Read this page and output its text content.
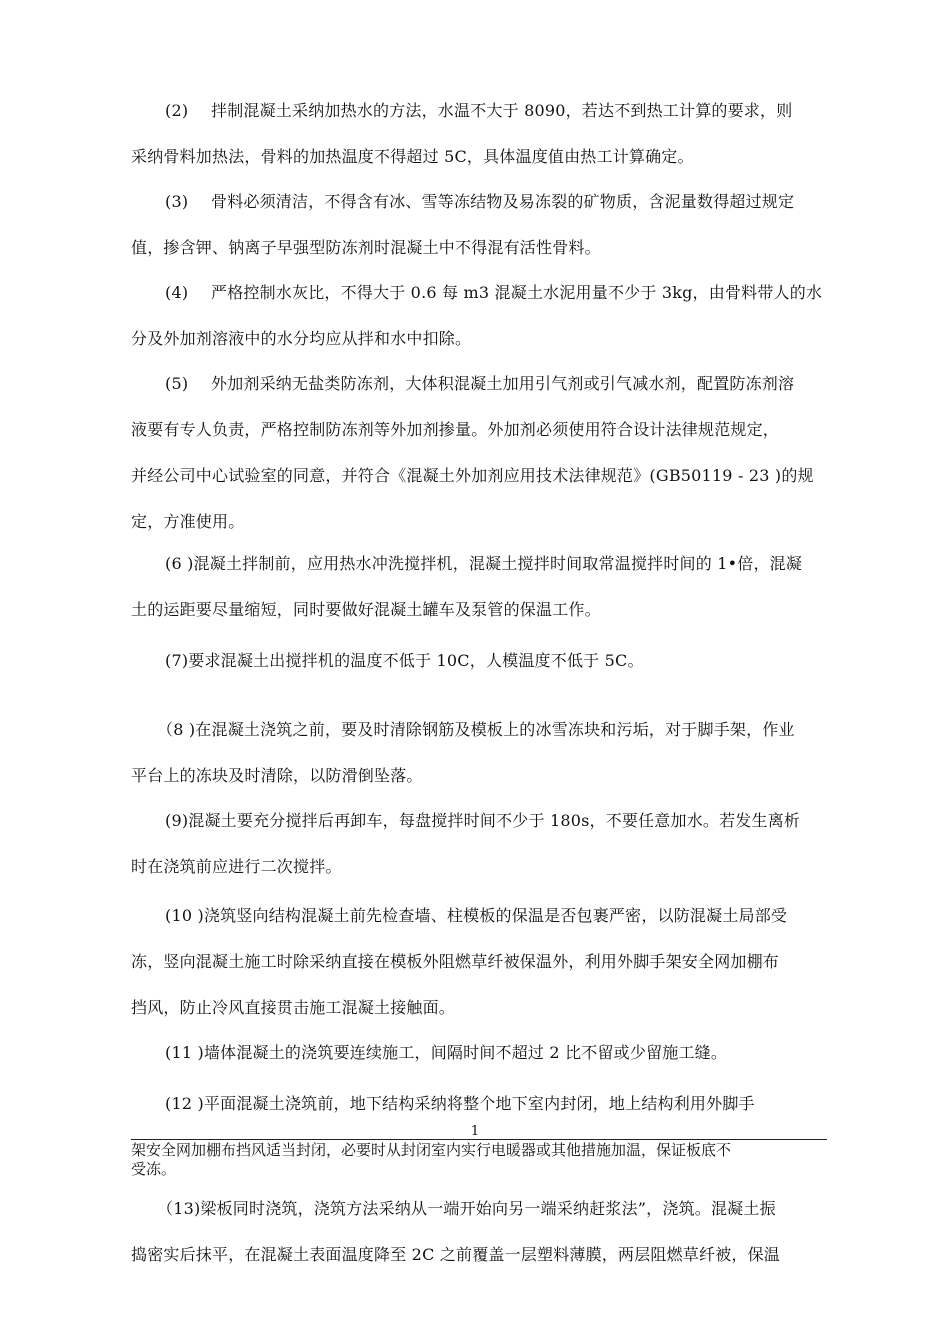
(2) 拌制混凝土采纳加热水的方法，水温不大于 8090，若达不到热工计算的要求，则
采纳骨料加热法，骨料的加热温度不得超过 5C，具体温度值由热工计算确定。
(3) 骨料必须清洁，不得含有冰、雪等冻结物及易冻裂的矿物质，含泥量数得超过规定
值，掺含钾、钠离子早强型防冻剂时混凝土中不得混有活性骨料。
(4) 严格控制水灰比，不得大于 0.6 每 m3 混凝土水泥用量不少于 3kg，由骨料带人的水
分及外加剂溶液中的水分均应从拌和水中扣除。
(5) 外加剂采纳无盐类防冻剂，大体积混凝土加用引气剂或引气减水剂，配置防冻剂溶
液要有专人负责，严格控制防冻剂等外加剂掺量。外加剂必须使用符合设计法律规范规定，
并经公司中心试验室的同意，并符合《混凝土外加剂应用技术法律规范》(GB50119 - 23 )的规
定，方准使用。
(6 )混凝土拌制前，应用热水冲洗搅拌机，混凝土搅拌时间取常温搅拌时间的 1•倍，混凝
土的运距要尽量缩短，同时要做好混凝土罐车及泵管的保温工作。
(7)要求混凝土出搅拌机的温度不低于 10C，人模温度不低于 5C。
（8 )在混凝土浇筑之前，要及时清除钢筋及模板上的冰雪冻块和污垢，对于脚手架，作业
平台上的冻块及时清除，以防滑倒坠落。
(9)混凝土要充分搅拌后再卸车，每盘搅拌时间不少于 180s，不要任意加水。若发生离析
时在浇筑前应进行二次搅拌。
(10 )浇筑竖向结构混凝土前先检查墙、柱模板的保温是否包裹严密，以防混凝土局部受
冻，竖向混凝土施工时除采纳直接在模板外阻燃草纤被保温外，利用外脚手架安全网加棚布
挡风，防止冷风直接贯击施工混凝土接触面。
(11 )墙体混凝土的浇筑要连续施工，间隔时间不超过 2 比不留或少留施工缝。
(12 )平面混凝土浇筑前，地下结构采纳将整个地下室内封闭，地上结构利用外脚手
1
架安全网加棚布挡风适当封闭，必要时从封闭室内实行电暖器或其他措施加温，保证板底不
受冻。
（13)梁板同时浇筑，浇筑方法采纳从一端开始向另一端采纳赶浆法”，浇筑。混凝土振
捣密实后抹平，在混凝土表面温度降至 2C 之前覆盖一层塑料薄膜，两层阻燃草纤被，保温
